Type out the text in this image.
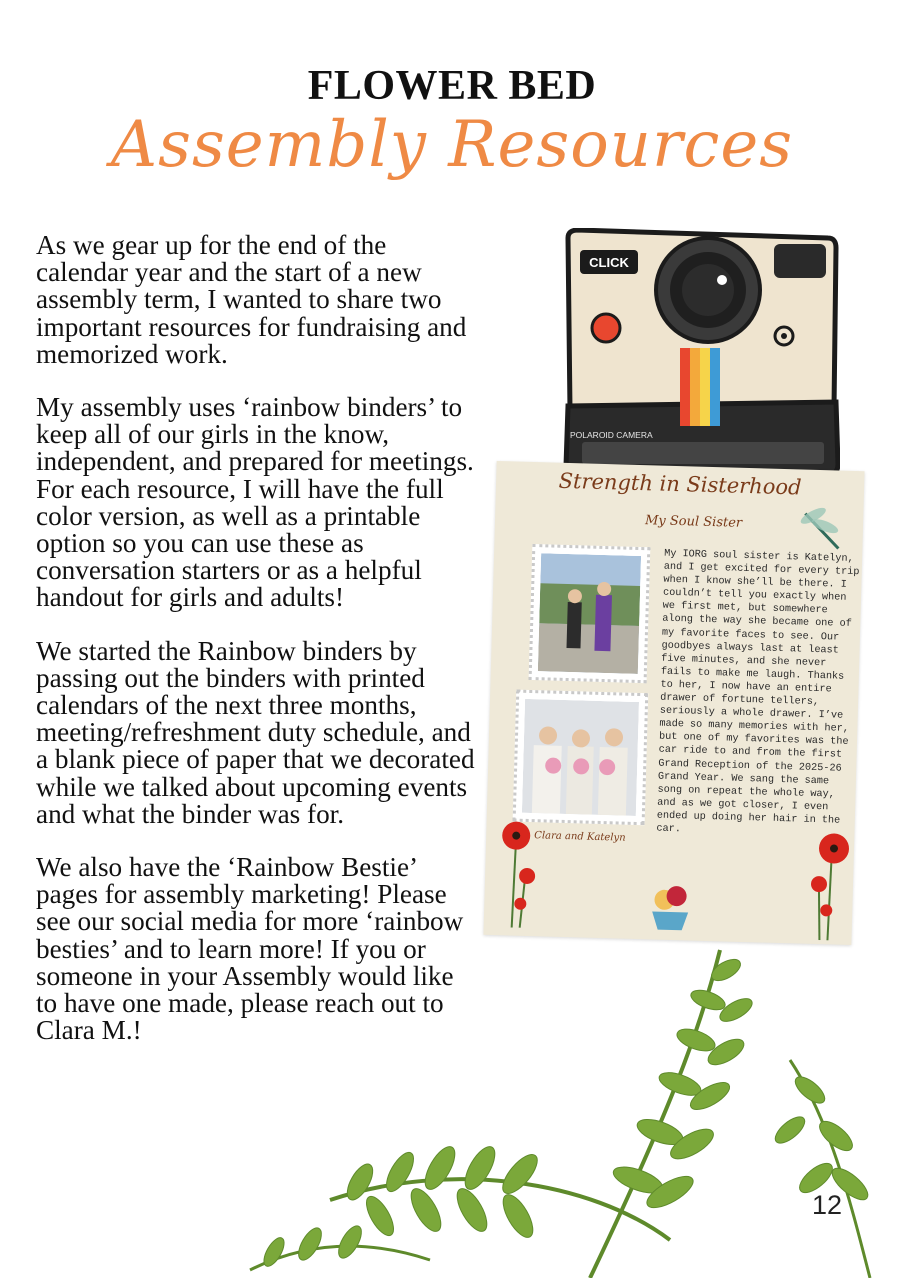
FLOWER BED
Assembly Resources

As we gear up for the end of the calendar year and the start of a new assembly term, I wanted to share two important resources for fundraising and memorized work.

My assembly uses ‘rainbow binders’ to keep all of our girls in the know, independent, and prepared for meetings. For each resource, I will have the full color version, as well as a printable option so you can use these as conversation starters or as a helpful handout for girls and adults!

We started the Rainbow binders by passing out the binders with printed calendars of the next three months, meeting/refreshment duty schedule, and a blank piece of paper that we decorated while we talked about upcoming events and what the binder was for.

We also have the ‘Rainbow Bestie’ pages for assembly marketing! Please see our social media for more ‘rainbow besties’ and to learn more! If you or someone in your Assembly would like to have one made, please reach out to Clara M.!

CLICK
POLAROID CAMERA
Strength in Sisterhood
My Soul Sister

My IORG soul sister is Katelyn, and I get excited for every trip when I know she’ll be there. I couldn’t tell you exactly when we first met, but somewhere along the way she became one of my favorite faces to see. Our goodbyes always last at least five minutes, and she never fails to make me laugh. Thanks to her, I now have an entire drawer of fortune tellers, seriously a whole drawer. I’ve made so many memories with her, but one of my favorites was the car ride to and from the first Grand Reception of the 2025-26 Grand Year. We sang the same song on repeat the whole way, and as we got closer, I even ended up doing her hair in the car.

Clara and Katelyn
12
